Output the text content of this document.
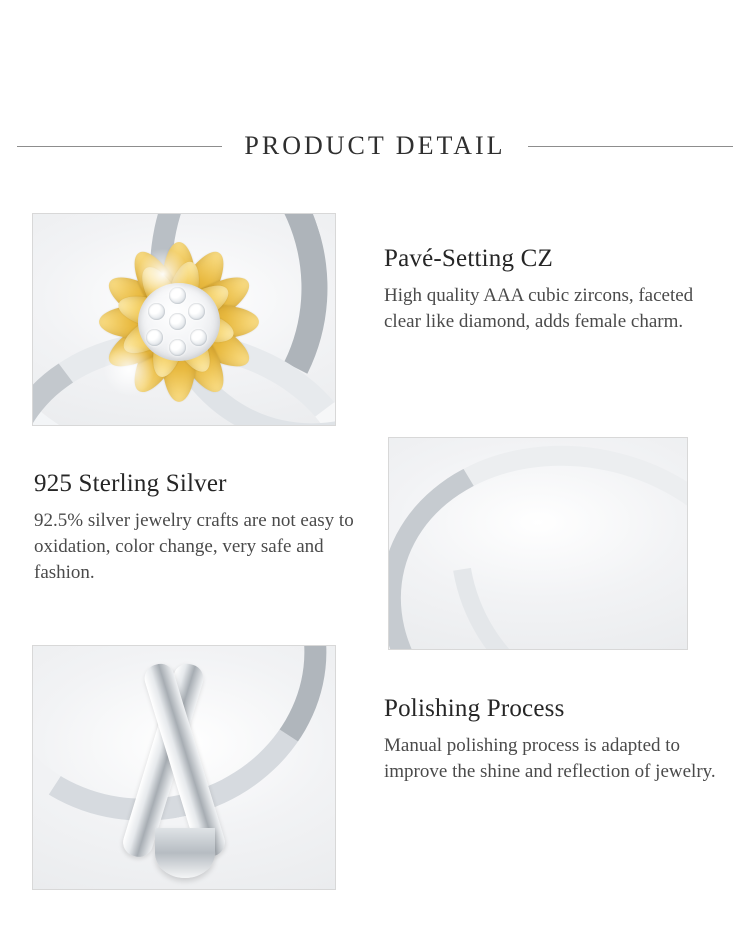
PRODUCT DETAIL
Pavé-Setting CZ

High quality AAA cubic zircons, faceted clear like diamond, adds female charm.

925 Sterling Silver

92.5% silver jewelry crafts are not easy to oxidation, color change, very safe and fashion.

Polishing Process

Manual polishing process is adapted to improve the shine and reflection of jewelry.
